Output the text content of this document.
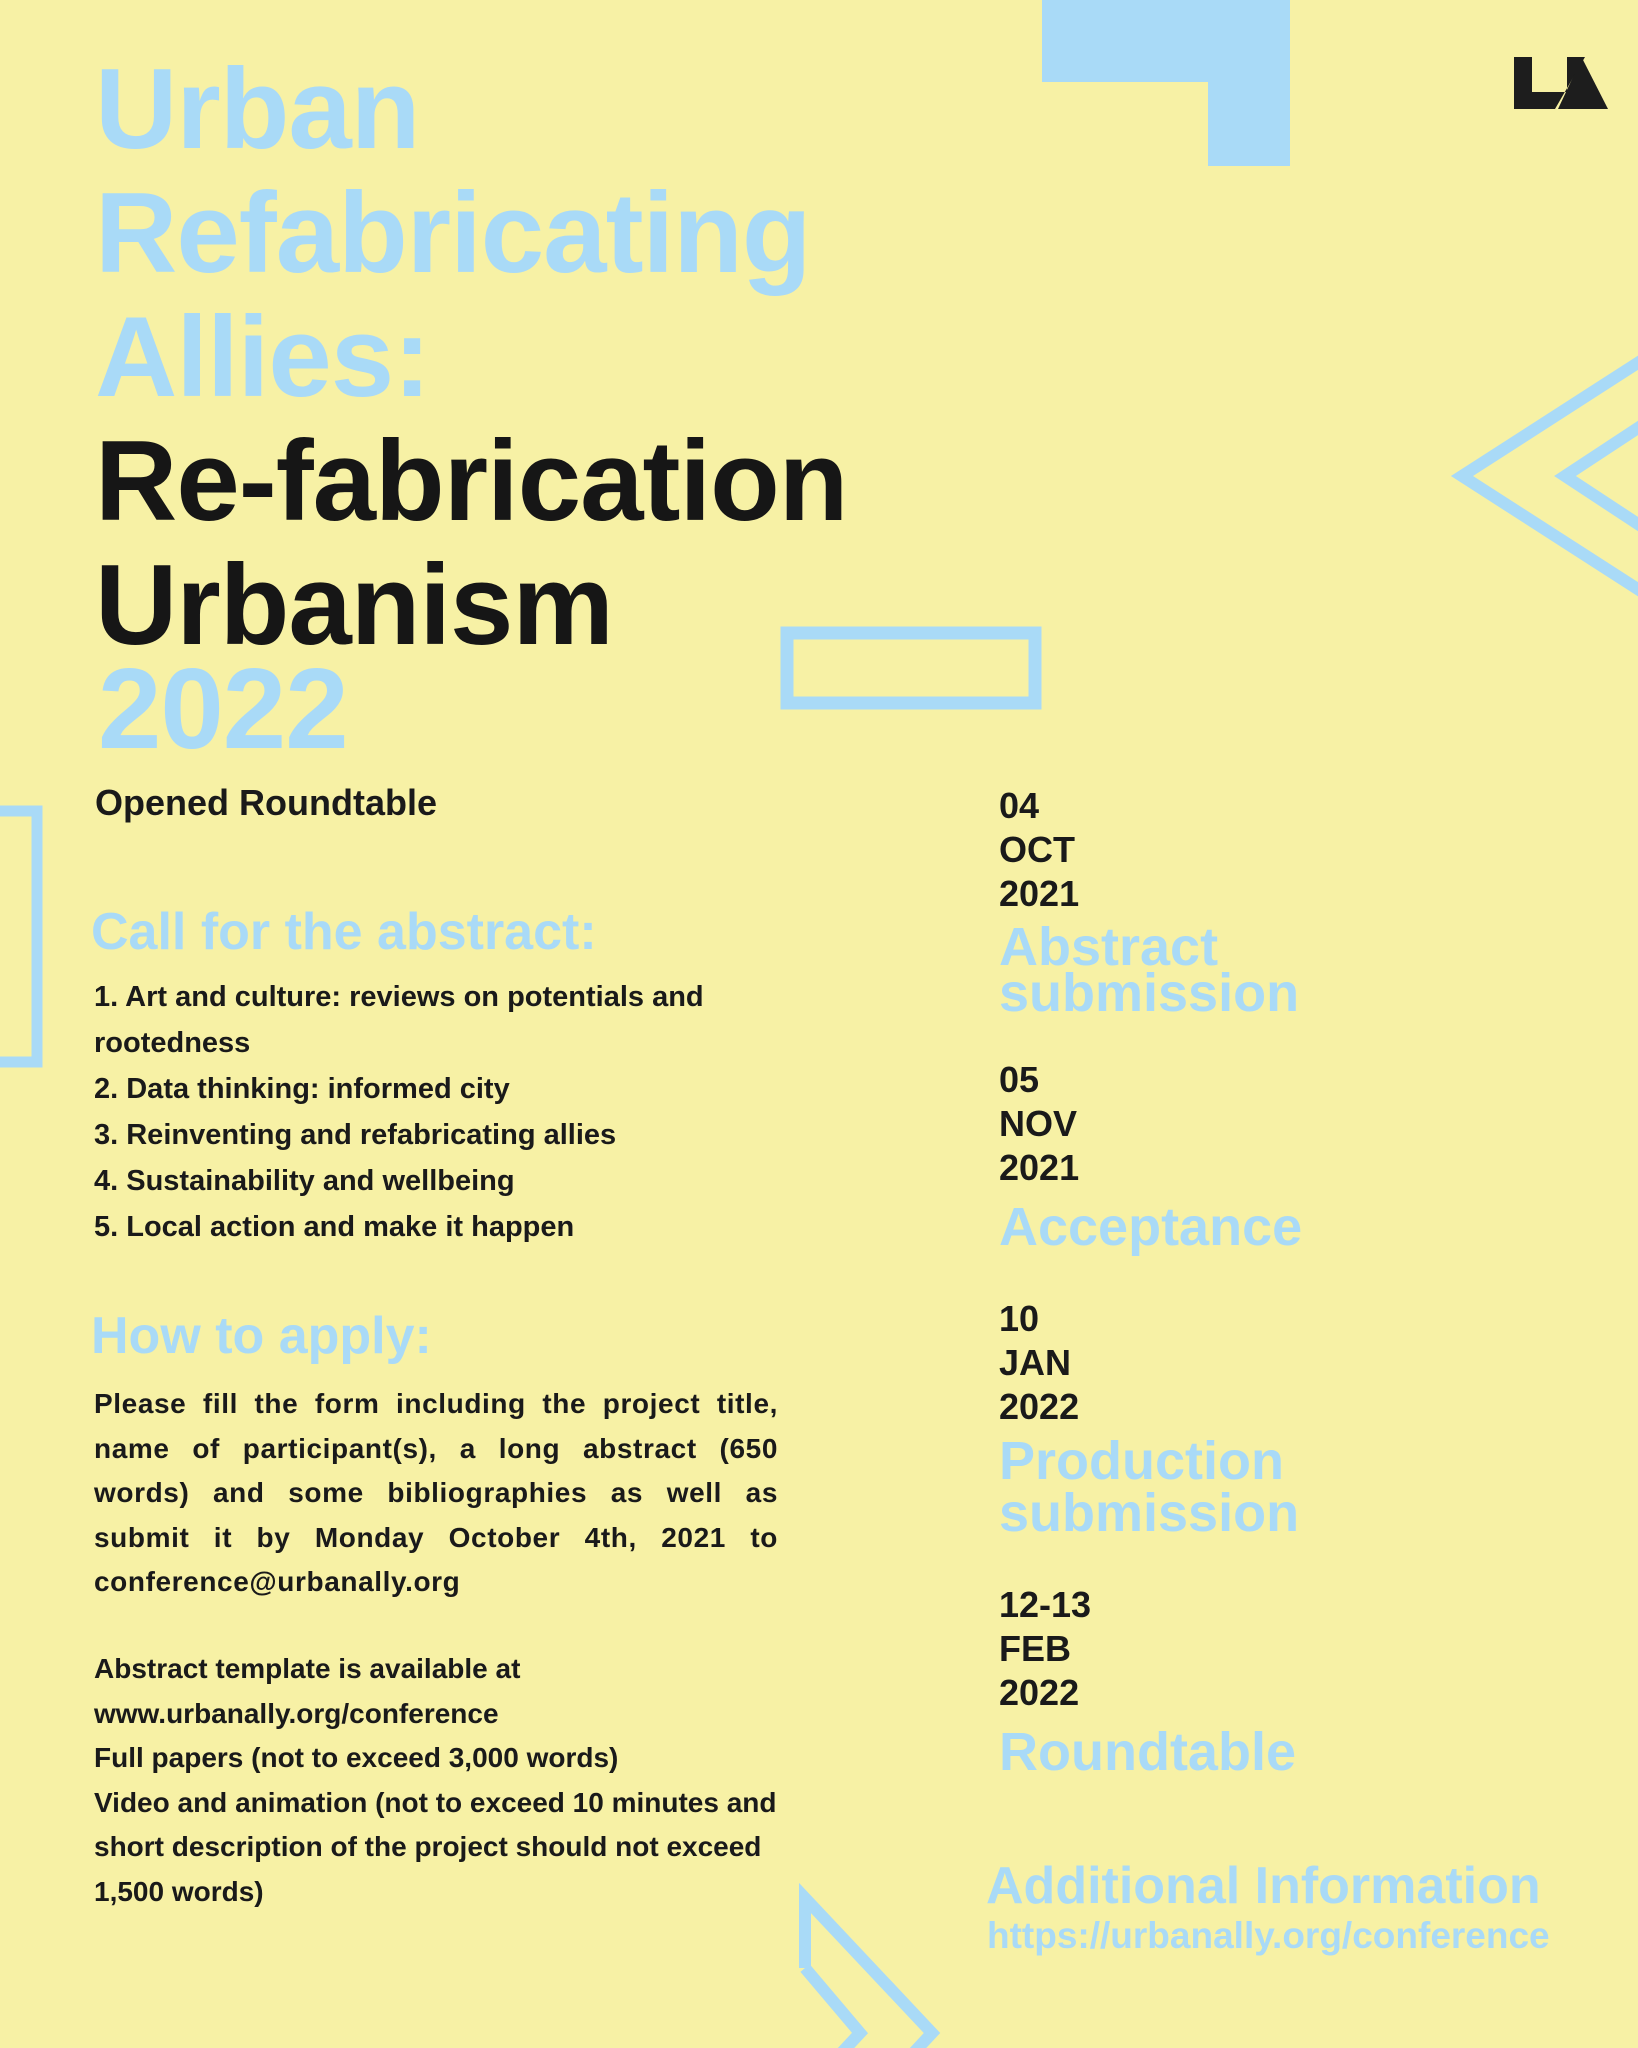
Urban
Refabricating
Allies:
Re-fabrication
Urbanism
2022
Opened Roundtable
Call for the abstract:
1. Art and culture: reviews on potentials and rootedness
2. Data thinking: informed city
3. Reinventing and refabricating allies
4. Sustainability and wellbeing
5. Local action and make it happen
How to apply:
Please fill the form including the project title, name of participant(s), a long abstract (650 words) and some bibliographies as well as submit it by Monday October 4th, 2021 to conference@urbanally.org
Abstract template is available at
www.urbanally.org/conference
Full papers (not to exceed 3,000 words)
Video and animation (not to exceed 10 minutes and short description of the project should not exceed 1,500 words)
04
OCT
2021
Abstract
submission
05
NOV
2021
Acceptance
10
JAN
2022
Production
submission
12-13
FEB
2022
Roundtable
Additional Information
https://urbanally.org/conference
